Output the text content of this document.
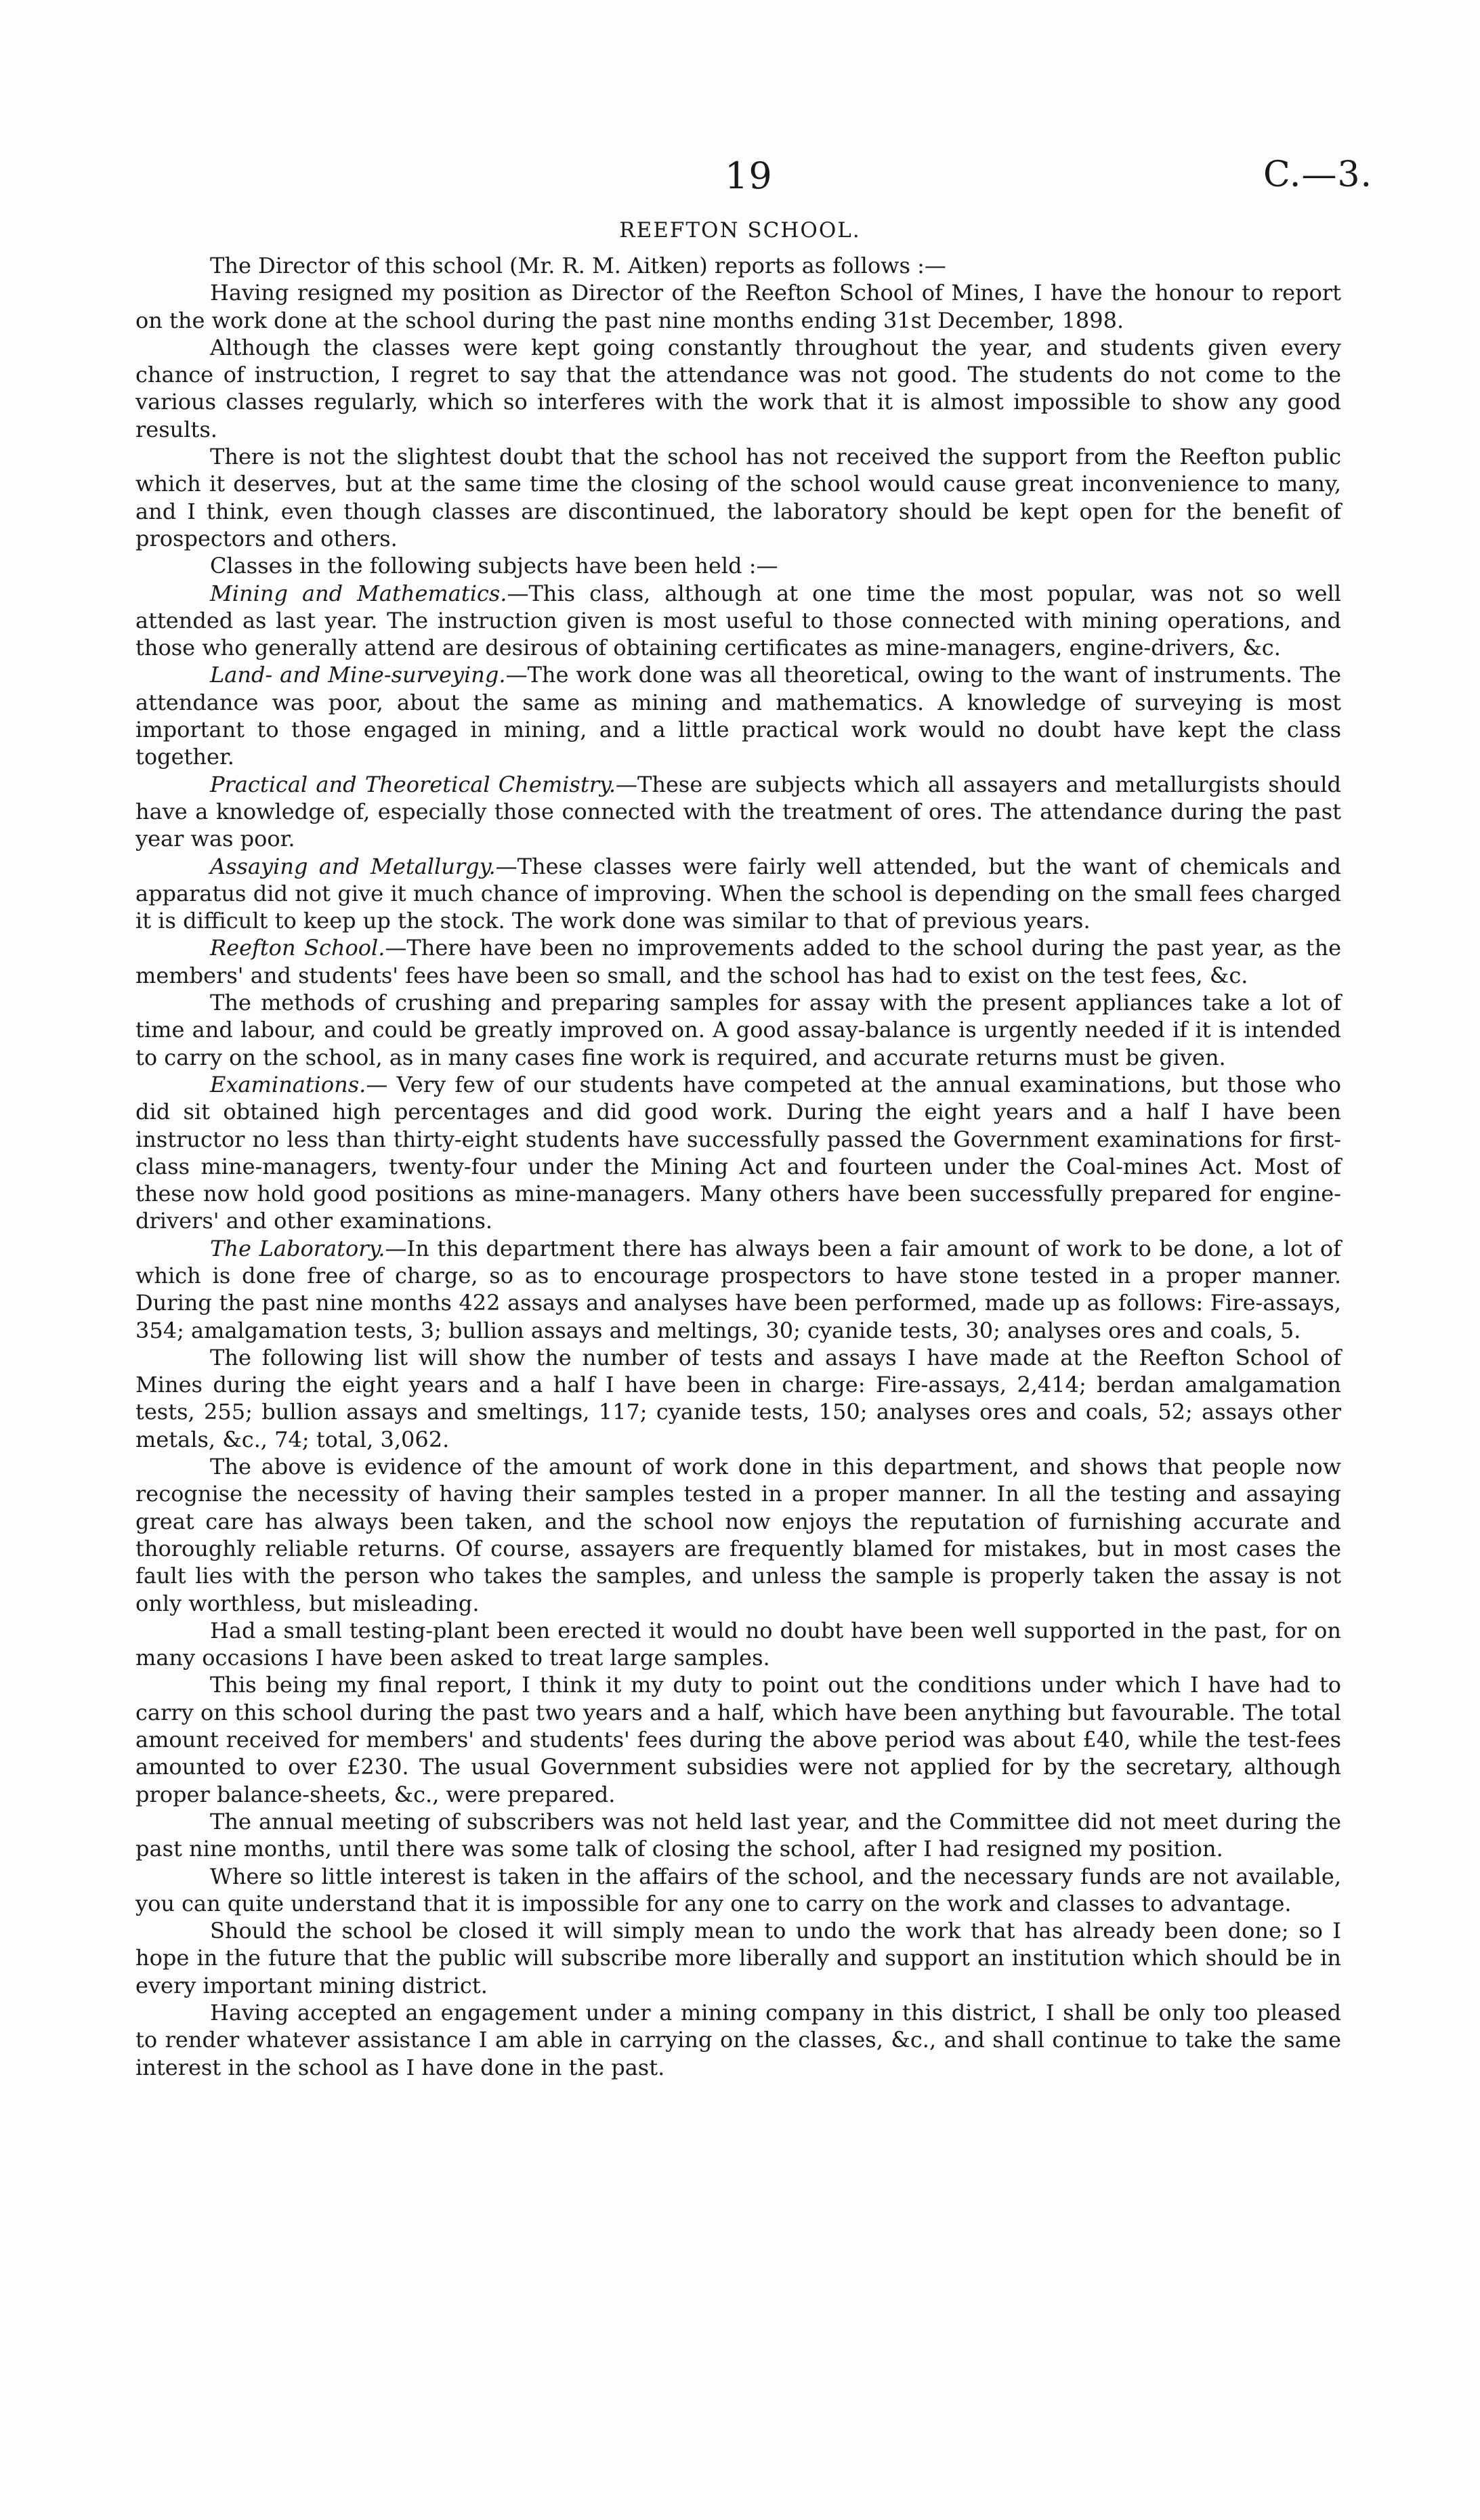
19	C.—3.
REEFTON SCHOOL.

The Director of this school (Mr. R. M. Aitken) reports as follows :—

Having resigned my position as Director of the Reefton School of Mines, I have the honour to report on the work done at the school during the past nine months ending 31st December, 1898.

Although the classes were kept going constantly throughout the year, and students given every chance of instruction, I regret to say that the attendance was not good. The students do not come to the various classes regularly, which so interferes with the work that it is almost impossible to show any good results.

There is not the slightest doubt that the school has not received the support from the Reefton public which it deserves, but at the same time the closing of the school would cause great inconvenience to many, and I think, even though classes are discontinued, the laboratory should be kept open for the benefit of prospectors and others.

Classes in the following subjects have been held :—

Mining and Mathematics.—This class, although at one time the most popular, was not so well attended as last year. The instruction given is most useful to those connected with mining operations, and those who generally attend are desirous of obtaining certificates as mine-managers, engine-drivers, &c.

Land- and Mine-surveying.—The work done was all theoretical, owing to the want of instruments. The attendance was poor, about the same as mining and mathematics. A knowledge of surveying is most important to those engaged in mining, and a little practical work would no doubt have kept the class together.

Practical and Theoretical Chemistry.—These are subjects which all assayers and metallurgists should have a knowledge of, especially those connected with the treatment of ores. The attendance during the past year was poor.

Assaying and Metallurgy.—These classes were fairly well attended, but the want of chemicals and apparatus did not give it much chance of improving. When the school is depending on the small fees charged it is difficult to keep up the stock. The work done was similar to that of previous years.

Reefton School.—There have been no improvements added to the school during the past year, as the members' and students' fees have been so small, and the school has had to exist on the test fees, &c.

The methods of crushing and preparing samples for assay with the present appliances take a lot of time and labour, and could be greatly improved on. A good assay-balance is urgently needed if it is intended to carry on the school, as in many cases fine work is required, and accurate returns must be given.

Examinations.— Very few of our students have competed at the annual examinations, but those who did sit obtained high percentages and did good work. During the eight years and a half I have been instructor no less than thirty-eight students have successfully passed the Government examinations for first-class mine-managers, twenty-four under the Mining Act and fourteen under the Coal-mines Act. Most of these now hold good positions as mine-managers. Many others have been successfully prepared for engine-drivers' and other examinations.

The Laboratory.—In this department there has always been a fair amount of work to be done, a lot of which is done free of charge, so as to encourage prospectors to have stone tested in a proper manner. During the past nine months 422 assays and analyses have been performed, made up as follows: Fire-assays, 354; amalgamation tests, 3; bullion assays and meltings, 30; cyanide tests, 30; analyses ores and coals, 5.

The following list will show the number of tests and assays I have made at the Reefton School of Mines during the eight years and a half I have been in charge: Fire-assays, 2,414; berdan amalgamation tests, 255; bullion assays and smeltings, 117; cyanide tests, 150; analyses ores and coals, 52; assays other metals, &c., 74; total, 3,062.

The above is evidence of the amount of work done in this department, and shows that people now recognise the necessity of having their samples tested in a proper manner. In all the testing and assaying great care has always been taken, and the school now enjoys the reputation of furnishing accurate and thoroughly reliable returns. Of course, assayers are frequently blamed for mistakes, but in most cases the fault lies with the person who takes the samples, and unless the sample is properly taken the assay is not only worthless, but misleading.

Had a small testing-plant been erected it would no doubt have been well supported in the past, for on many occasions I have been asked to treat large samples.

This being my final report, I think it my duty to point out the conditions under which I have had to carry on this school during the past two years and a half, which have been anything but favourable. The total amount received for members' and students' fees during the above period was about £40, while the test-fees amounted to over £230. The usual Government subsidies were not applied for by the secretary, although proper balance-sheets, &c., were prepared.

The annual meeting of subscribers was not held last year, and the Committee did not meet during the past nine months, until there was some talk of closing the school, after I had resigned my position.

Where so little interest is taken in the affairs of the school, and the necessary funds are not available, you can quite understand that it is impossible for any one to carry on the work and classes to advantage.

Should the school be closed it will simply mean to undo the work that has already been done; so I hope in the future that the public will subscribe more liberally and support an institution which should be in every important mining district.

Having accepted an engagement under a mining company in this district, I shall be only too pleased to render whatever assistance I am able in carrying on the classes, &c., and shall continue to take the same interest in the school as I have done in the past.
